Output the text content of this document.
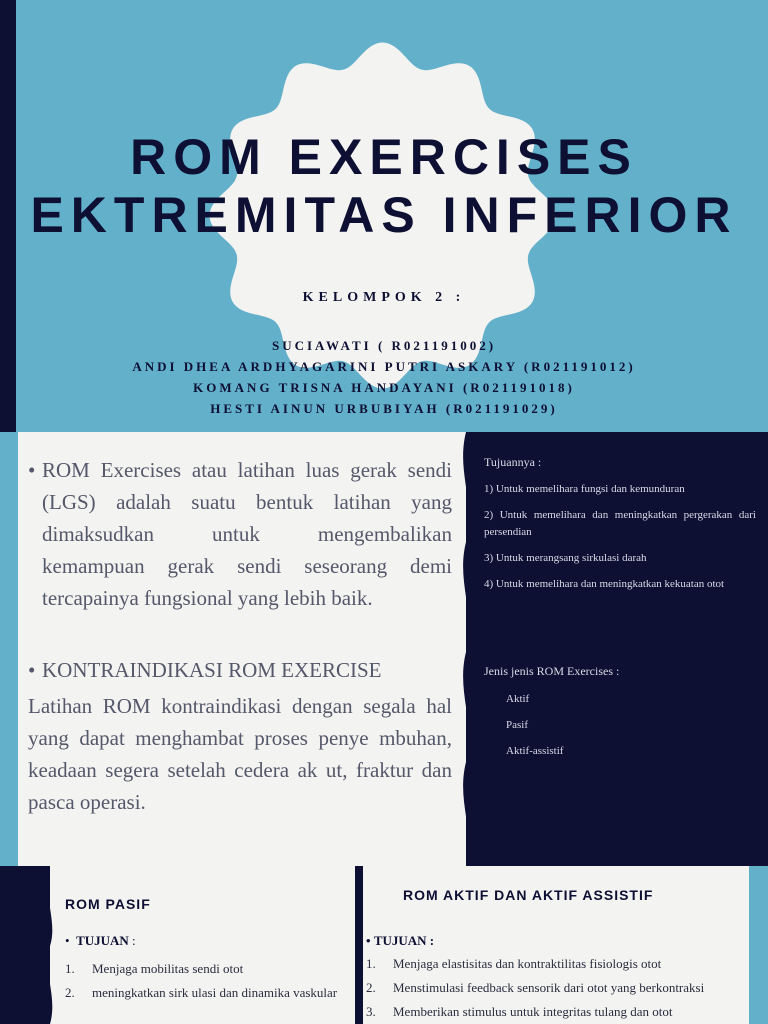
ROM EXERCISES
EKTREMITAS INFERIOR
KELOMPOK 2 :
SUCIAWATI ( R021191002)
ANDI DHEA ARDHYAGARINI PUTRI ASKARY (R021191012)
KOMANG TRISNA HANDAYANI (R021191018)
HESTI AINUN URBUBIYAH (R021191029)
• ROM Exercises atau latihan luas gerak sendi (LGS) adalah suatu bentuk latihan yang dimaksudkan untuk mengembalikan kemampuan gerak sendi seseorang demi tercapainya fungsional yang lebih baik.
• KONTRAINDIKASI ROM EXERCISE
Latihan ROM kontraindikasi dengan segala hal yang dapat menghambat proses penye mbuhan, keadaan segera setelah cedera ak ut, fraktur dan pasca operasi.
Tujuannya :
1) Untuk memelihara fungsi dan kemunduran
2) Untuk memelihara dan meningkatkan pergerakan dari persendian
3) Untuk merangsang sirkulasi darah
4) Untuk memelihara dan meningkatkan kekuatan otot
Jenis jenis ROM Exercises :
Aktif
Pasif
Aktif-assistif
ROM PASIF
• TUJUAN :
1.	Menjaga mobilitas sendi otot
2.	meningkatkan sirk ulasi dan dinamika vaskular
ROM AKTIF DAN AKTIF ASSISTIF
• TUJUAN :
1.	Menjaga elastisitas dan kontraktilitas fisiologis otot
2.	Menstimulasi feedback sensorik dari otot yang berkontraksi
3.	Memberikan stimulus untuk integritas tulang dan otot
